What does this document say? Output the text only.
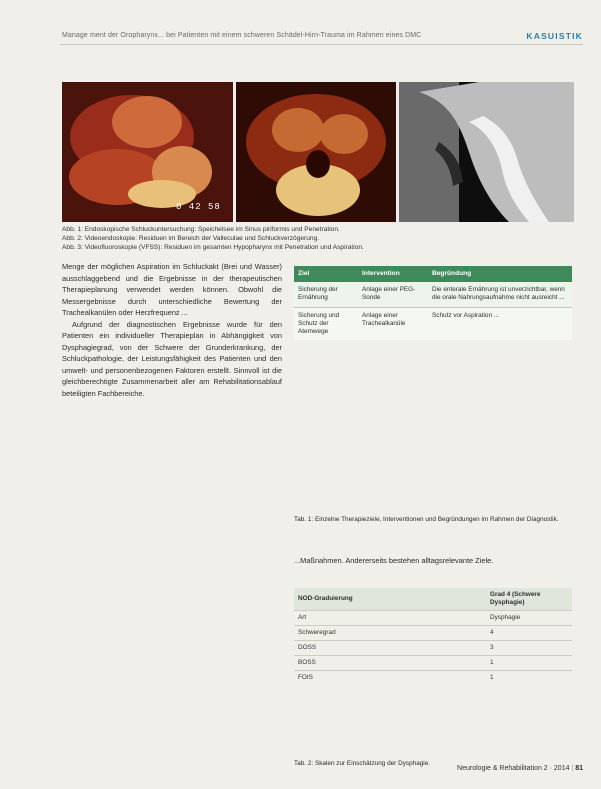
Manage ment der Oropharynx... bei Patienten mit einem schweren Schädel-Hirn-Trauma im Rahmen eines DMC	KASUISTIK
0 42 58
Abb. 1: Endoskopische Schluckuntersuchung: Speichelsee im Sinus piriformis und Penetration.
Abb. 2: Videoendoskopie: Residuen im Bereich der Valleculae und Schluckverzögerung.
Abb. 3: Videofluoroskopie (VFSS): Residuen im gesamten Hypopharynx mit Penetration und Aspiration.

Menge der möglichen Aspiration im Schluckakt (Brei und Wasser) ausschlaggebend und die Ergebnisse in der therapeutischen Therapieplanung verwendet werden können. Obwohl die Messergebnisse durch unterschiedliche Bewertung der Trachealkanülen oder Herzfrequenz ...

Aufgrund der diagnostischen Ergebnisse wurde für den Patienten ein individueller Therapieplan in Abhängigkeit von Dysphagiegrad, von der Schwere der Grunderkrankung, der Schluckpathologie, der Leistungsfähigkeit des Patienten und den umwelt- und personenbezogenen Faktoren erstellt. Sinnvoll ist die gleichberechtigte Zusammenarbeit aller am Rehabilitationsablauf beteiligten Fachbereiche.

Ziel	Intervention	Begründung
Sicherung der Ernährung	Anlage einer PEG-Sonde	Die enterale Ernährung ist unverzichtbar, wenn die orale Nahrungsaufnahme nicht ausreicht ...
Sicherung und Schutz der Atemwege	Anlage einer Trachealkanüle	Schutz vor Aspiration ...
Tab. 1: Einzelne Therapieziele, Interventionen und Begründungen im Rahmen der Diagnostik.
...Maßnahmen. Andererseits bestehen alltagsrelevante Ziele.
NOD-Graduierung	Grad 4 (Schwere Dysphagie)
Art	Dysphagie
Schweregrad	4
DOSS	3
BOSS	1
FOIS	1
Tab. 2: Skalen zur Einschätzung der Dysphagie.
Neurologie & Rehabilitation 2 · 2014 | 81
